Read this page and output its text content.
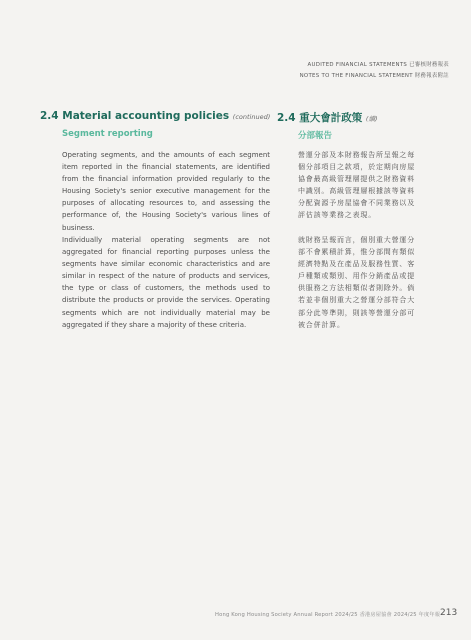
AUDITED FINANCIAL STATEMENTS 已審核財務報表
NOTES TO THE FINANCIAL STATEMENT 財務報表附註
2.4 Material accounting policies (continued)
Segment reporting

Operating segments, and the amounts of each segment item reported in the financial statements, are identified from the financial information provided regularly to the Housing Society's senior executive management for the purposes of allocating resources to, and assessing the performance of, the Housing Society's various lines of business.

Individually material operating segments are not aggregated for financial reporting purposes unless the segments have similar economic characteristics and are similar in respect of the nature of products and services, the type or class of customers, the methods used to distribute the products or provide the services. Operating segments which are not individually material may be aggregated if they share a majority of these criteria.

2.4 重大會計政策 (續)
分部報告

營運分部及本財務報告所呈報之每個分部項目之款項，於定期向房屋協會最高級管理層提供之財務資料中識別。高級管理層根據該等資料分配資源予房屋協會不同業務以及評估該等業務之表現。

就財務呈報而言，個別重大營運分部不會累積計算，惟分部間有類似經濟特點及在產品及服務性質、客戶種類或類別、用作分銷產品或提供服務之方法相類似者則除外。倘若並非個別重大之營運分部符合大部分此等準則，則該等營運分部可被合併計算。

Hong Kong Housing Society Annual Report 2024/25 香港房屋協會 2024/25 年度年報 213
